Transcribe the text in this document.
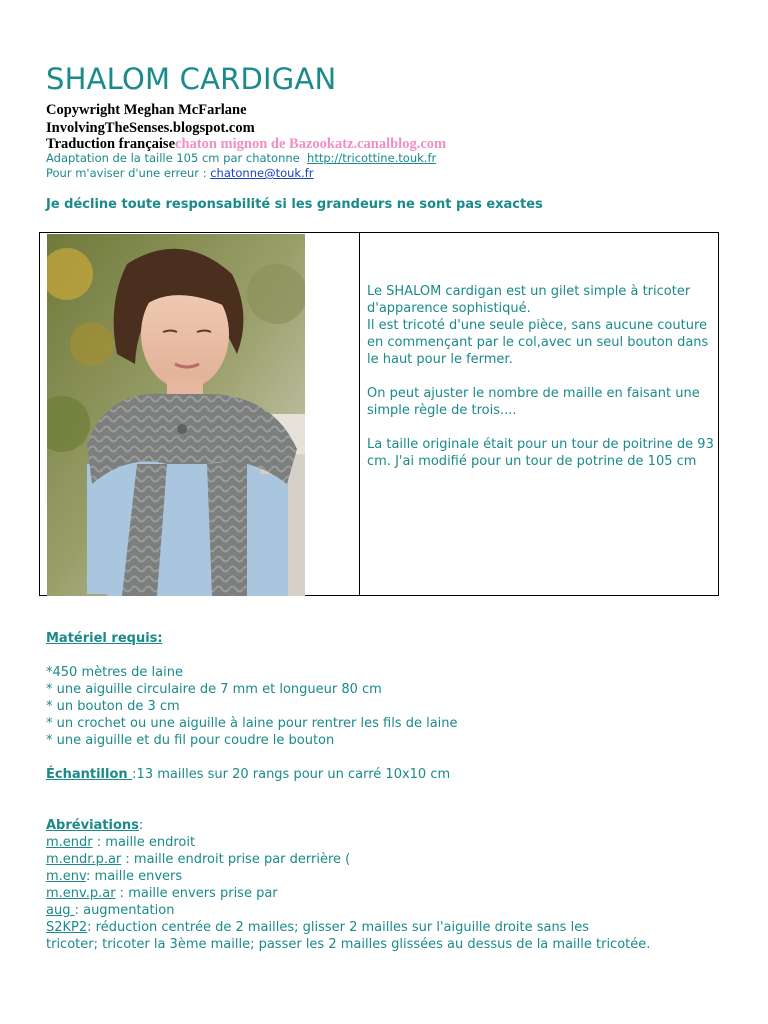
SHALOM CARDIGAN
Copywright Meghan McFarlane
InvolvingTheSenses.blogspot.com
Traduction françaisechaton mignon de Bazookatz.canalblog.com
Adaptation de la taille 105 cm par chatonne  http://tricottine.touk.fr
Pour m'aviser d'une erreur : chatonne@touk.fr
Je décline toute responsabilité si les grandeurs ne sont pas exactes

Le SHALOM cardigan est un gilet simple à tricoter d'apparence sophistiqué.
Il est tricoté d'une seule pièce, sans aucune couture en commençant par le col,avec un seul bouton dans le haut pour le fermer.

On peut ajuster le nombre de maille en faisant une simple règle de trois....

La taille originale était pour un tour de poitrine de 93 cm. J'ai modifié pour un tour de potrine de 105 cm

Matériel requis:
*450 mètres de laine
* une aiguille circulaire de 7 mm et longueur 80 cm
* un bouton de 3 cm
* un crochet ou une aiguille à laine pour rentrer les fils de laine
* une aiguille et du fil pour coudre le bouton
Échantillon :13 mailles sur 20 rangs pour un carré 10x10 cm
Abréviations:
m.endr : maille endroit
m.endr.p.ar : maille endroit prise par derrière (
m.env: maille envers
m.env.p.ar : maille envers prise par
aug : augmentation
S2KP2: réduction centrée de 2 mailles; glisser 2 mailles sur l'aiguille droite sans les
tricoter; tricoter la 3ème maille; passer les 2 mailles glissées au dessus de la maille tricotée.
